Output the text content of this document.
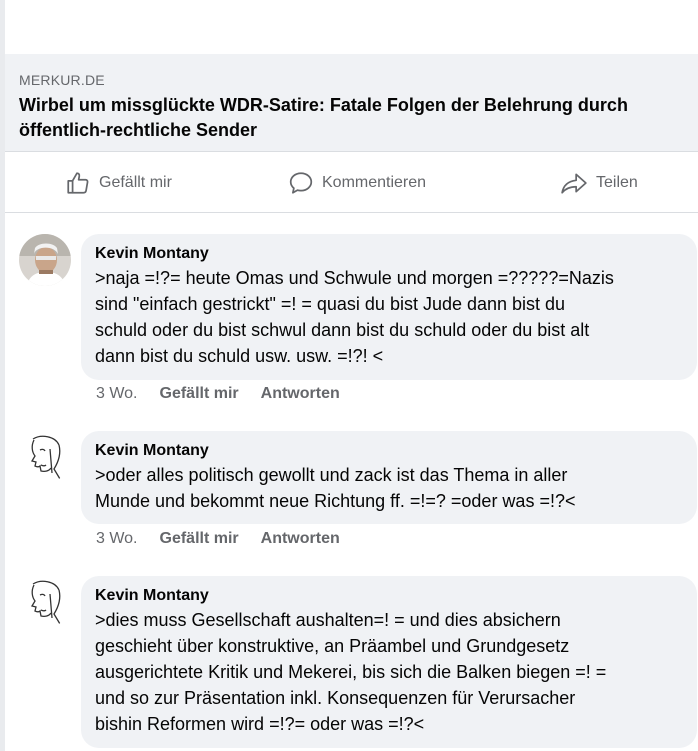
MERKUR.DE
Wirbel um missglückte WDR-Satire: Fatale Folgen der Belehrung durch
öffentlich-rechtliche Sender
Gefällt mir	Kommentieren	Teilen
Kevin Montany
>naja =!?= heute Omas und Schwule und morgen =?????=Nazis
sind "einfach gestrickt" =! = quasi du bist Jude dann bist du
schuld oder du bist schwul dann bist du schuld oder du bist alt
dann bist du schuld usw. usw. =!?! <
3 Wo. Gefällt mir Antworten
Kevin Montany
>oder alles politisch gewollt und zack ist das Thema in aller
Munde und bekommt neue Richtung ff. =!=? =oder was =!?<
3 Wo. Gefällt mir Antworten
Kevin Montany
>dies muss Gesellschaft aushalten=! = und dies absichern
geschieht über konstruktive, an Präambel und Grundgesetz
ausgerichtete Kritik und Mekerei, bis sich die Balken biegen =! =
und so zur Präsentation inkl. Konsequenzen für Verursacher
bishin Reformen wird =!?= oder was =!?<
